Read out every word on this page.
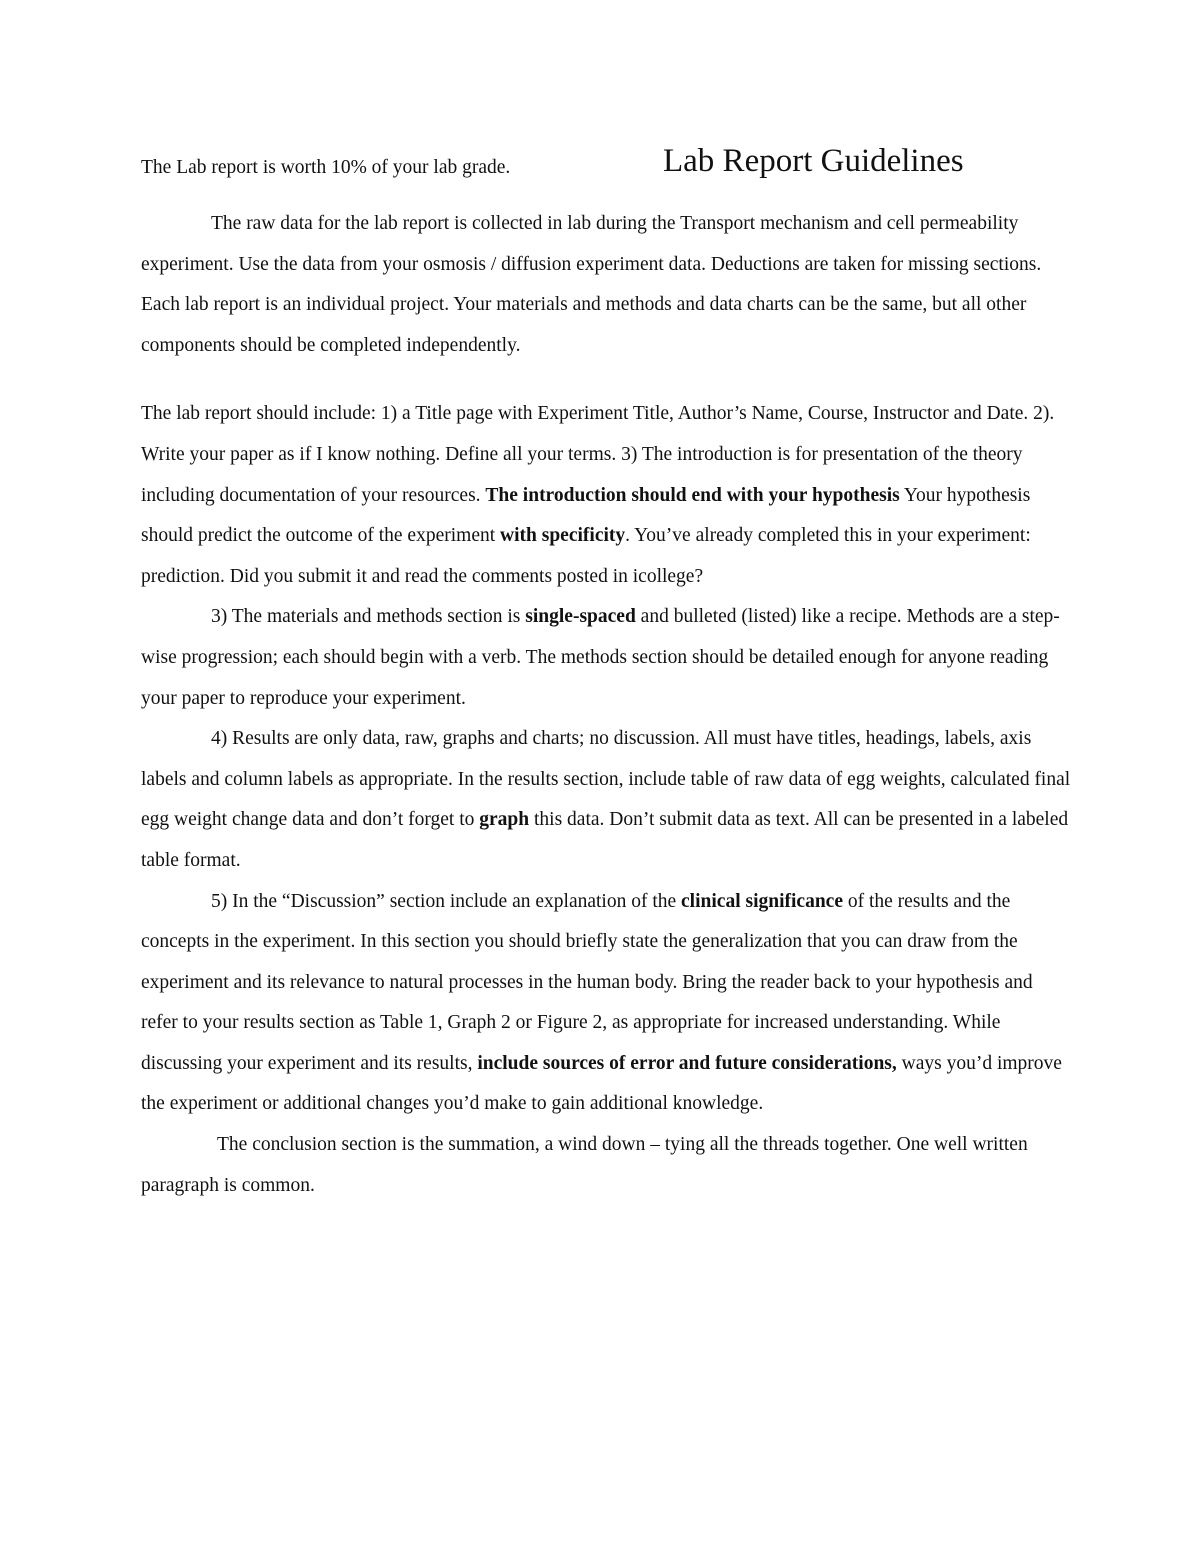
The Lab report is worth 10% of your lab grade.	Lab Report Guidelines

The raw data for the lab report is collected in lab during the Transport mechanism and cell permeability experiment. Use the data from your osmosis / diffusion experiment data. Deductions are taken for missing sections. Each lab report is an individual project. Your materials and methods and data charts can be the same, but all other components should be completed independently.

The lab report should include: 1) a Title page with Experiment Title, Author’s Name, Course, Instructor and Date. 2). Write your paper as if I know nothing. Define all your terms. 3) The introduction is for presentation of the theory including documentation of your resources. The introduction should end with your hypothesis Your hypothesis should predict the outcome of the experiment with specificity. You’ve already completed this in your experiment: prediction. Did you submit it and read the comments posted in icollege?

3) The materials and methods section is single-spaced and bulleted (listed) like a recipe. Methods are a step-wise progression; each should begin with a verb. The methods section should be detailed enough for anyone reading your paper to reproduce your experiment.

4) Results are only data, raw, graphs and charts; no discussion. All must have titles, headings, labels, axis labels and column labels as appropriate. In the results section, include table of raw data of egg weights, calculated final egg weight change data and don’t forget to graph this data. Don’t submit data as text. All can be presented in a labeled table format.

5) In the “Discussion” section include an explanation of the clinical significance of the results and the concepts in the experiment. In this section you should briefly state the generalization that you can draw from the experiment and its relevance to natural processes in the human body. Bring the reader back to your hypothesis and refer to your results section as Table 1, Graph 2 or Figure 2, as appropriate for increased understanding. While discussing your experiment and its results, include sources of error and future considerations, ways you’d improve the experiment or additional changes you’d make to gain additional knowledge.

The conclusion section is the summation, a wind down – tying all the threads together. One well written paragraph is common.
